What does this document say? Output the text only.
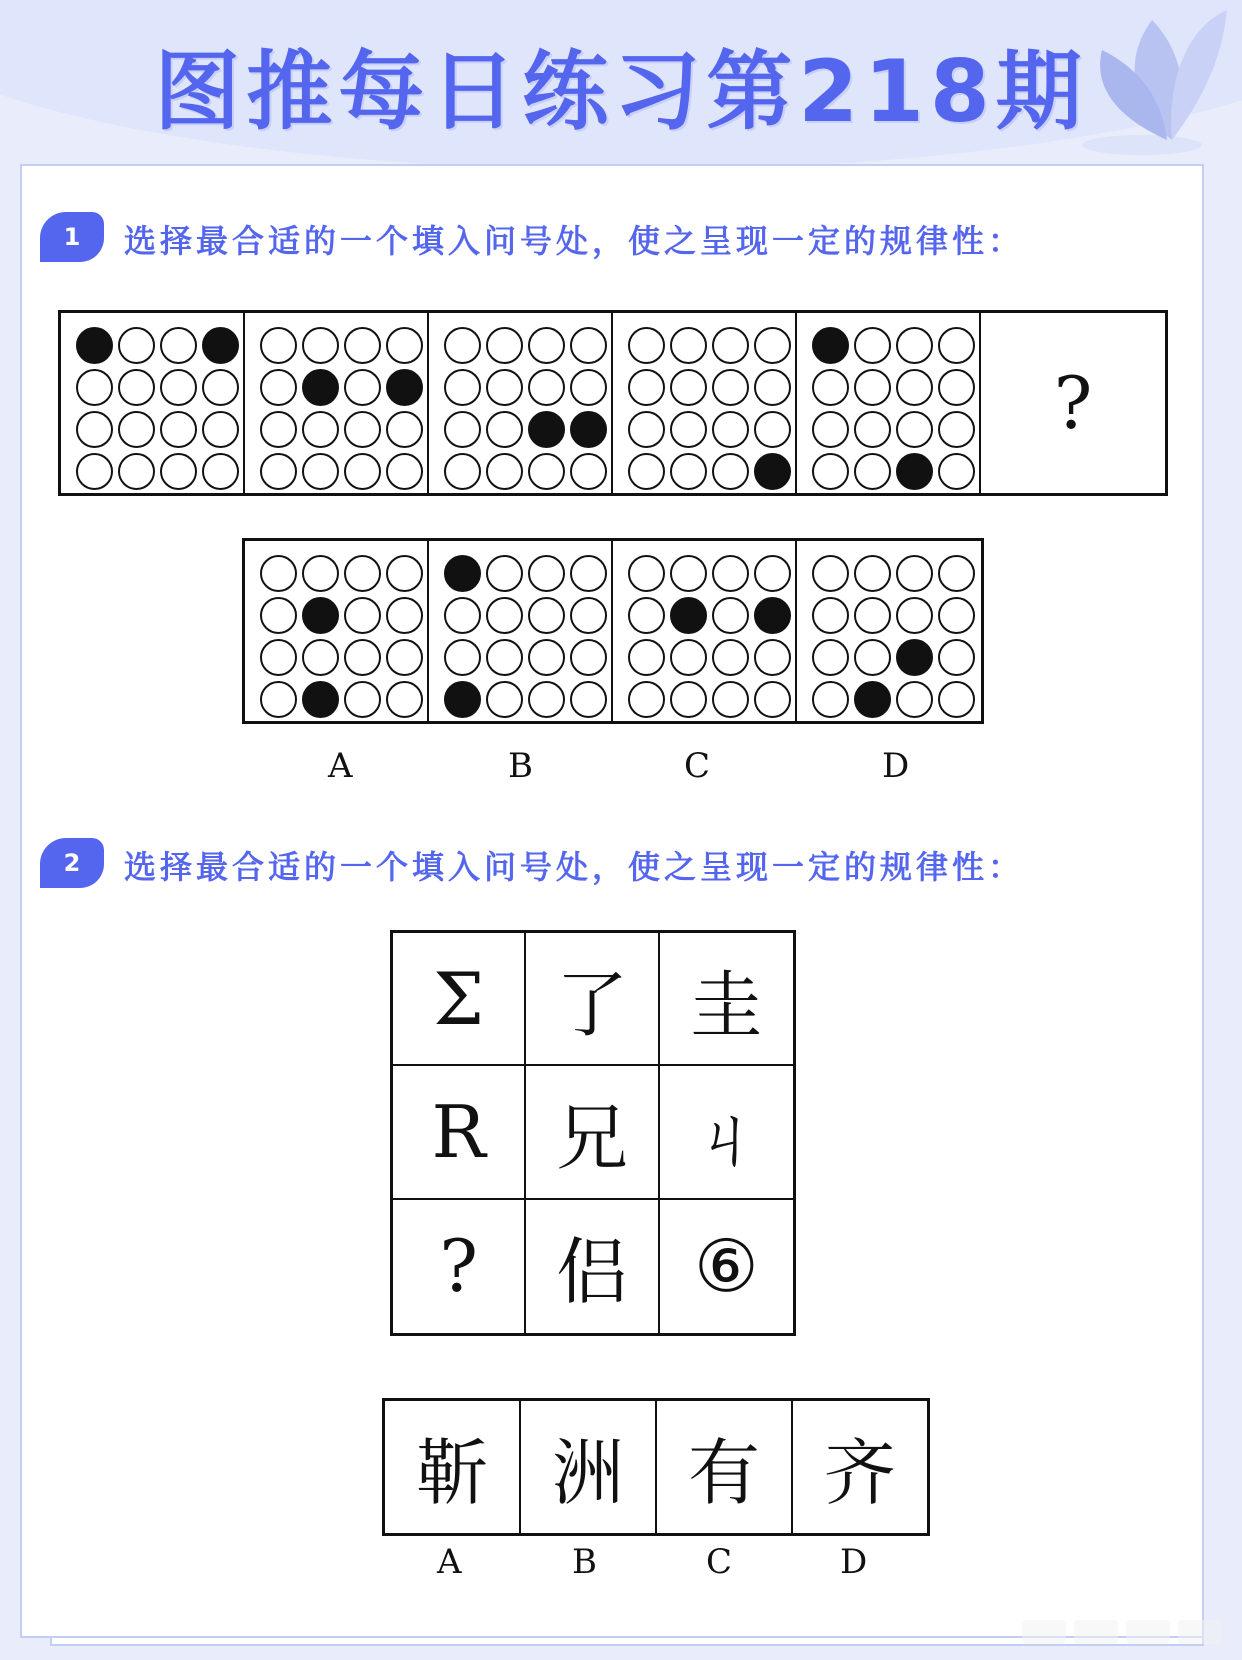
图推每日练习第218期
1	选择最合适的一个填入问号处，使之呈现一定的规律性：
?
A	B	C	D
2	选择最合适的一个填入问号处，使之呈现一定的规律性：
Σ 了 圭
R 兄 ㄐ
?	侣 ⑥
靳 洲 有 齐
A	B	C	D
